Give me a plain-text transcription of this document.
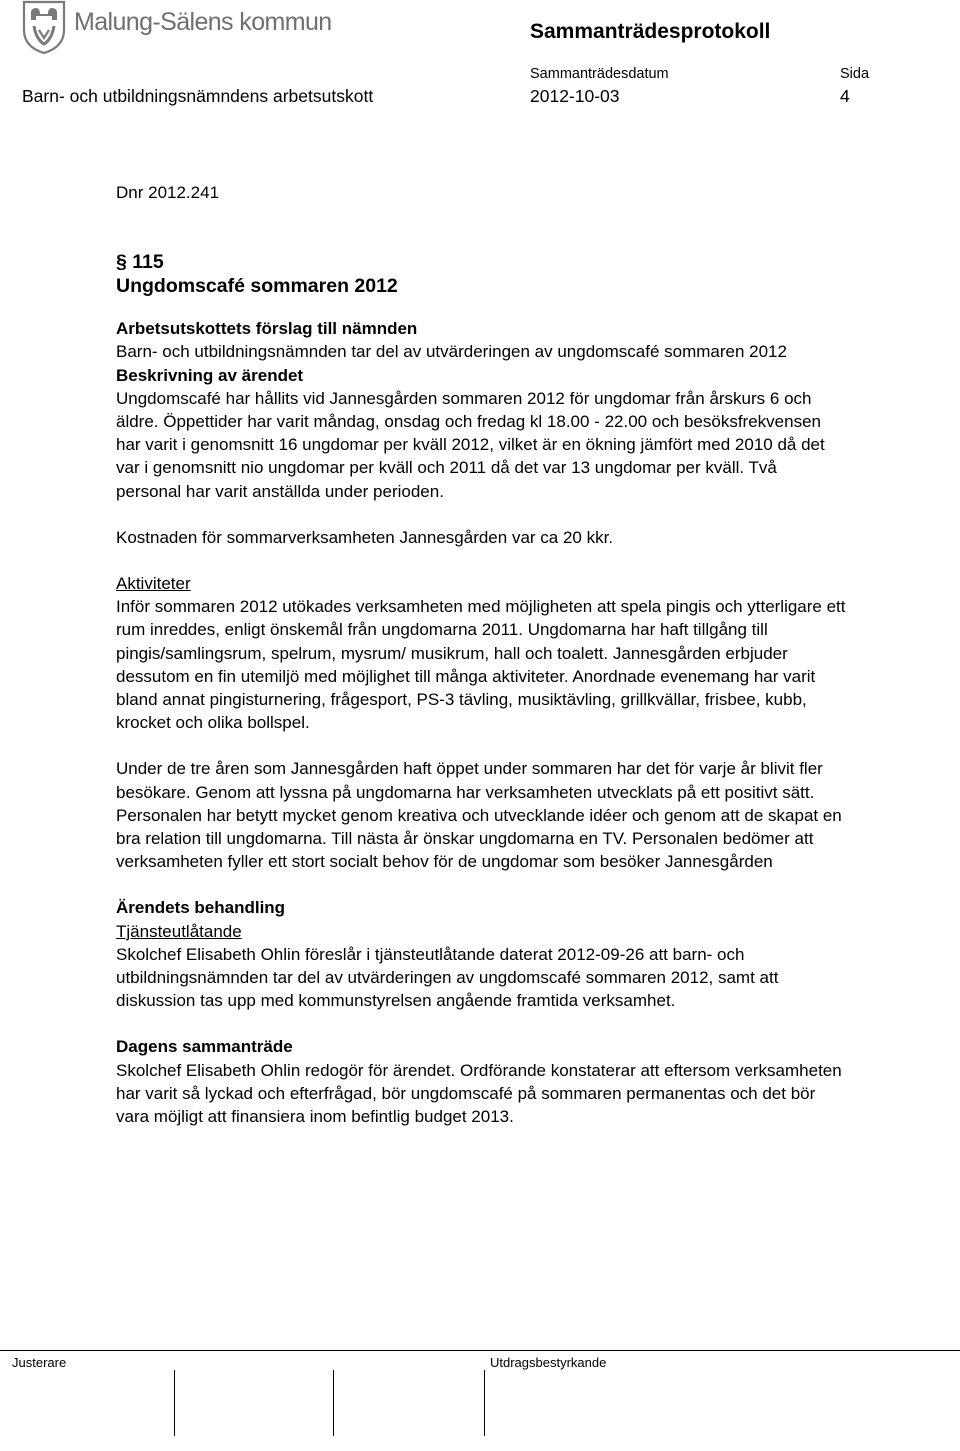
Malung-Sälens kommun	Sammanträdesprotokoll
Barn- och utbildningsnämndens arbetsutskott
Sammanträdesdatum
2012-10-03
Sida
4

Dnr 2012.241

§ 115

Ungdomscafé sommaren 2012

Arbetsutskottets förslag till nämnden

Barn- och utbildningsnämnden tar del av utvärderingen av ungdomscafé sommaren 2012

Beskrivning av ärendet

Ungdomscafé har hållits vid Jannesgården sommaren 2012 för ungdomar från årskurs 6 och äldre. Öppettider har varit måndag, onsdag och fredag kl 18.00 - 22.00 och besöksfrekvensen har varit i genomsnitt 16 ungdomar per kväll 2012, vilket är en ökning jämfört med 2010 då det var i genomsnitt nio ungdomar per kväll och 2011 då det var 13 ungdomar per kväll. Två personal har varit anställda under perioden.

Kostnaden för sommarverksamheten Jannesgården var ca 20 kkr.

Aktiviteter

Inför sommaren 2012 utökades verksamheten med möjligheten att spela pingis och ytterligare ett rum inreddes, enligt önskemål från ungdomarna 2011. Ungdomarna har haft tillgång till pingis/samlingsrum, spelrum, mysrum/ musikrum, hall och toalett. Jannesgården erbjuder dessutom en fin utemiljö med möjlighet till många aktiviteter. Anordnade evenemang har varit bland annat pingisturnering, frågesport, PS-3 tävling, musiktävling, grillkvällar, frisbee, kubb, krocket och olika bollspel.

Under de tre åren som Jannesgården haft öppet under sommaren har det för varje år blivit fler besökare. Genom att lyssna på ungdomarna har verksamheten utvecklats på ett positivt sätt. Personalen har betytt mycket genom kreativa och utvecklande idéer och genom att de skapat en bra relation till ungdomarna. Till nästa år önskar ungdomarna en TV. Personalen bedömer att verksamheten fyller ett stort socialt behov för de ungdomar som besöker Jannesgården

Ärendets behandling

Tjänsteutlåtande

Skolchef Elisabeth Ohlin föreslår i tjänsteutlåtande daterat 2012-09-26 att barn- och utbildningsnämnden tar del av utvärderingen av ungdomscafé sommaren 2012, samt att diskussion tas upp med kommunstyrelsen angående framtida verksamhet.

Dagens sammanträde

Skolchef Elisabeth Ohlin redogör för ärendet. Ordförande konstaterar att eftersom verksamheten har varit så lyckad och efterfrågad, bör ungdomscafé på sommaren permanentas och det bör vara möjligt att finansiera inom befintlig budget 2013.

Justerare	Utdragsbestyrkande
